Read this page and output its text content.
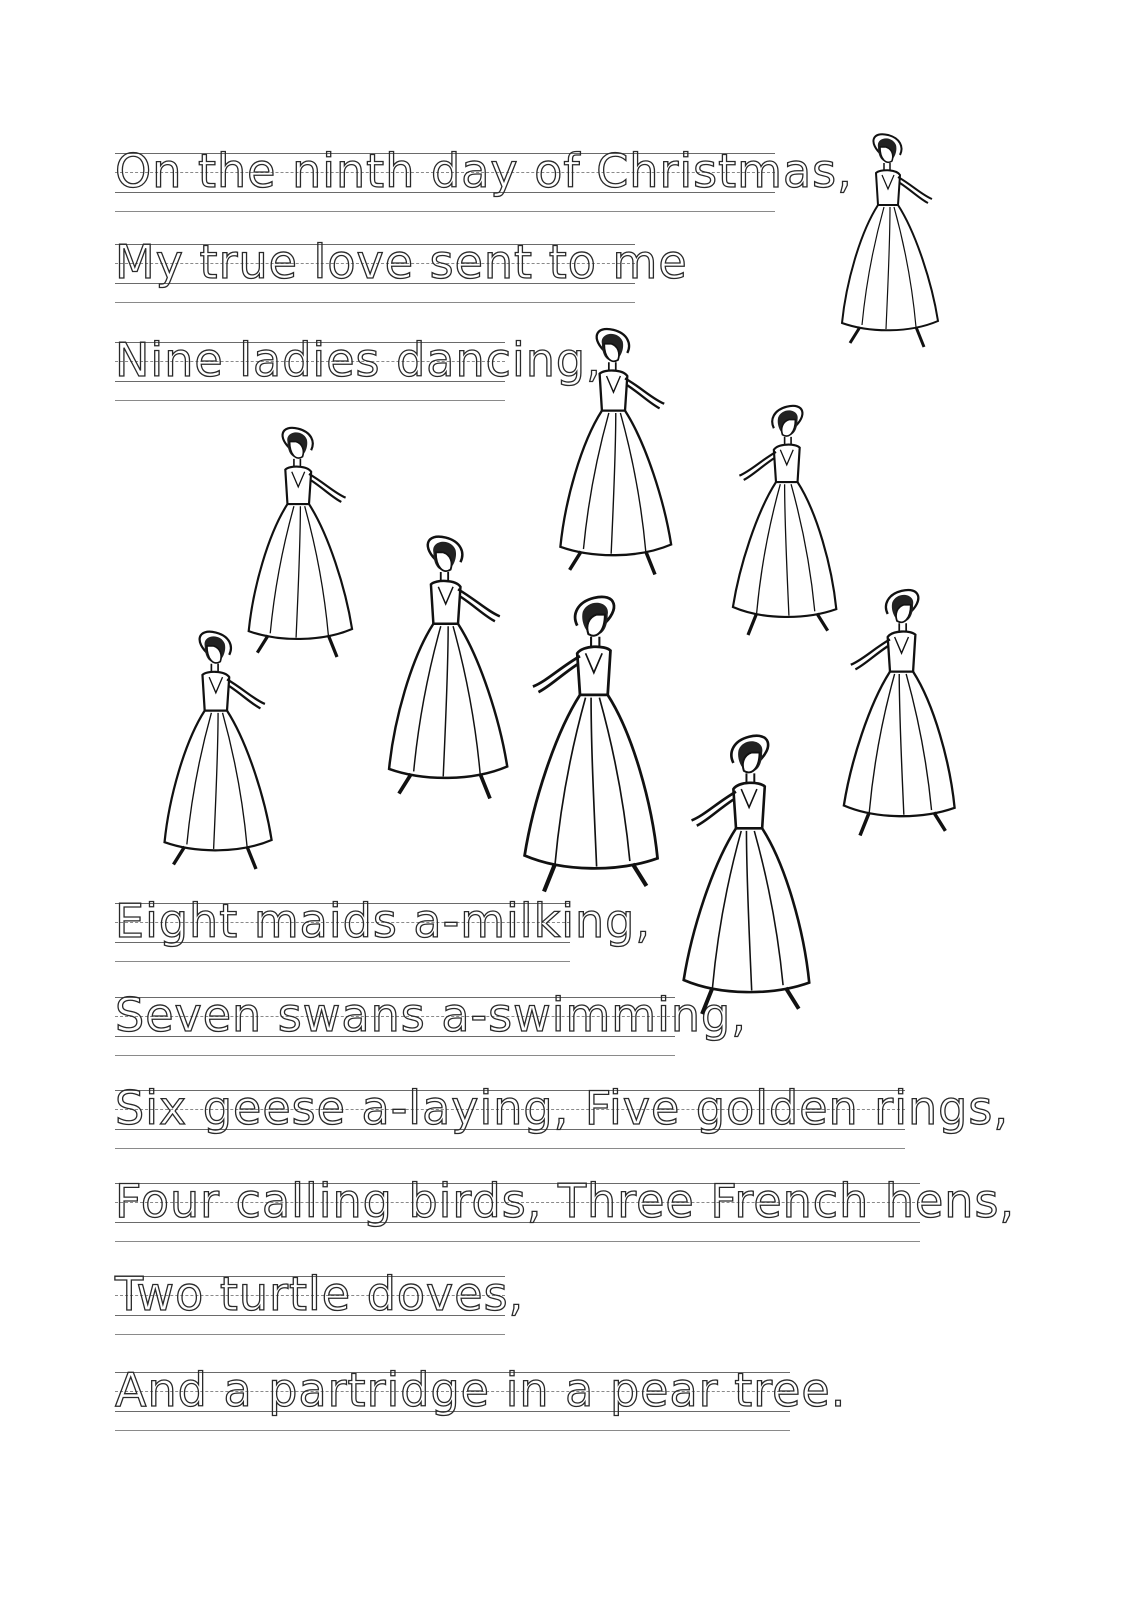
On the ninth day of Christmas,
My true love sent to me
Nine ladies dancing,
Eight maids a-milking,
Seven swans a-swimming,
Six geese a-laying, Five golden rings,
Four calling birds, Three French hens,
Two turtle doves,
And a partridge in a pear tree.
